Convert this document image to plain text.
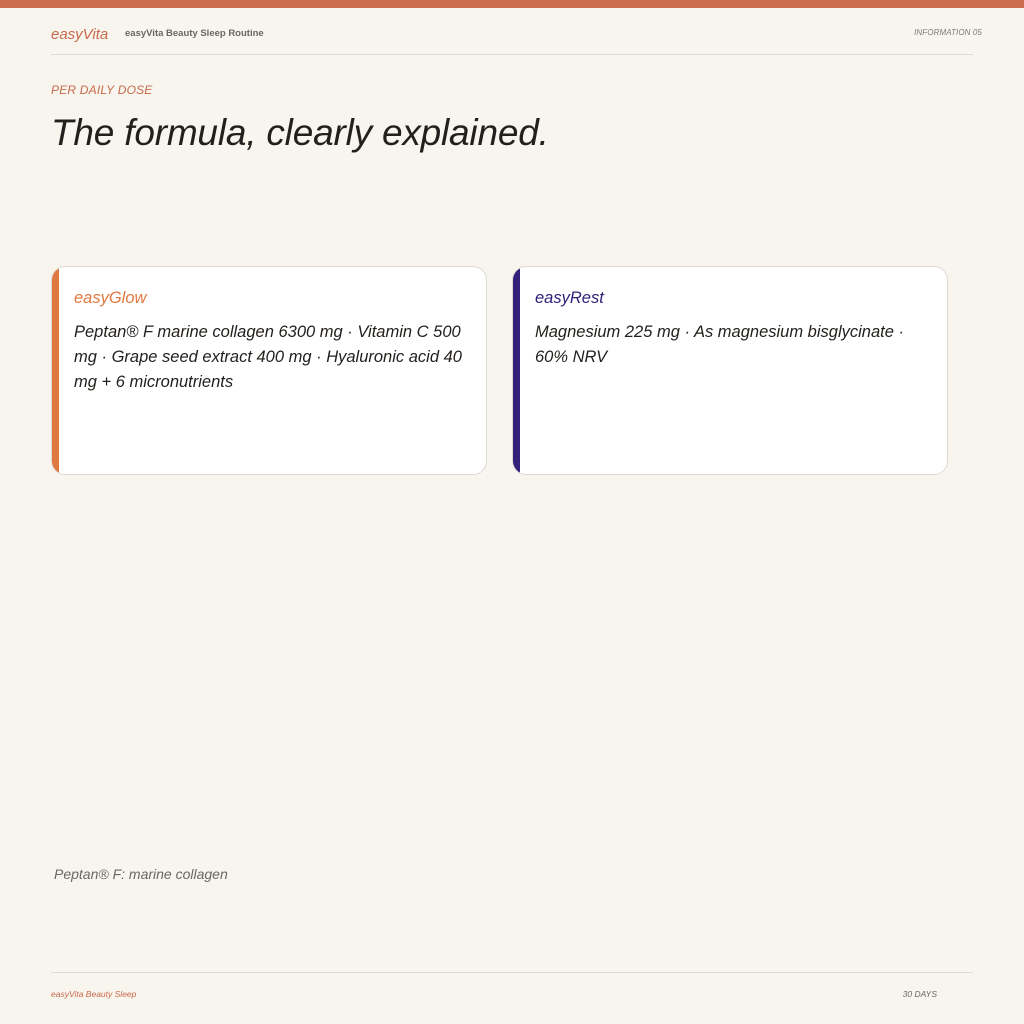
easyVita easyVita Beauty Sleep Routine	INFORMATION 05
PER DAILY DOSE
The formula, clearly explained.
easyGlow
Peptan® F marine collagen 6300 mg · Vitamin C 500 mg · Grape seed extract 400 mg · Hyaluronic acid 40 mg + 6 micronutrients
easyRest
Magnesium 225 mg · As magnesium bisglycinate · 60% NRV
Peptan® F: marine collagen
easyVita Beauty Sleep	30 DAYS
